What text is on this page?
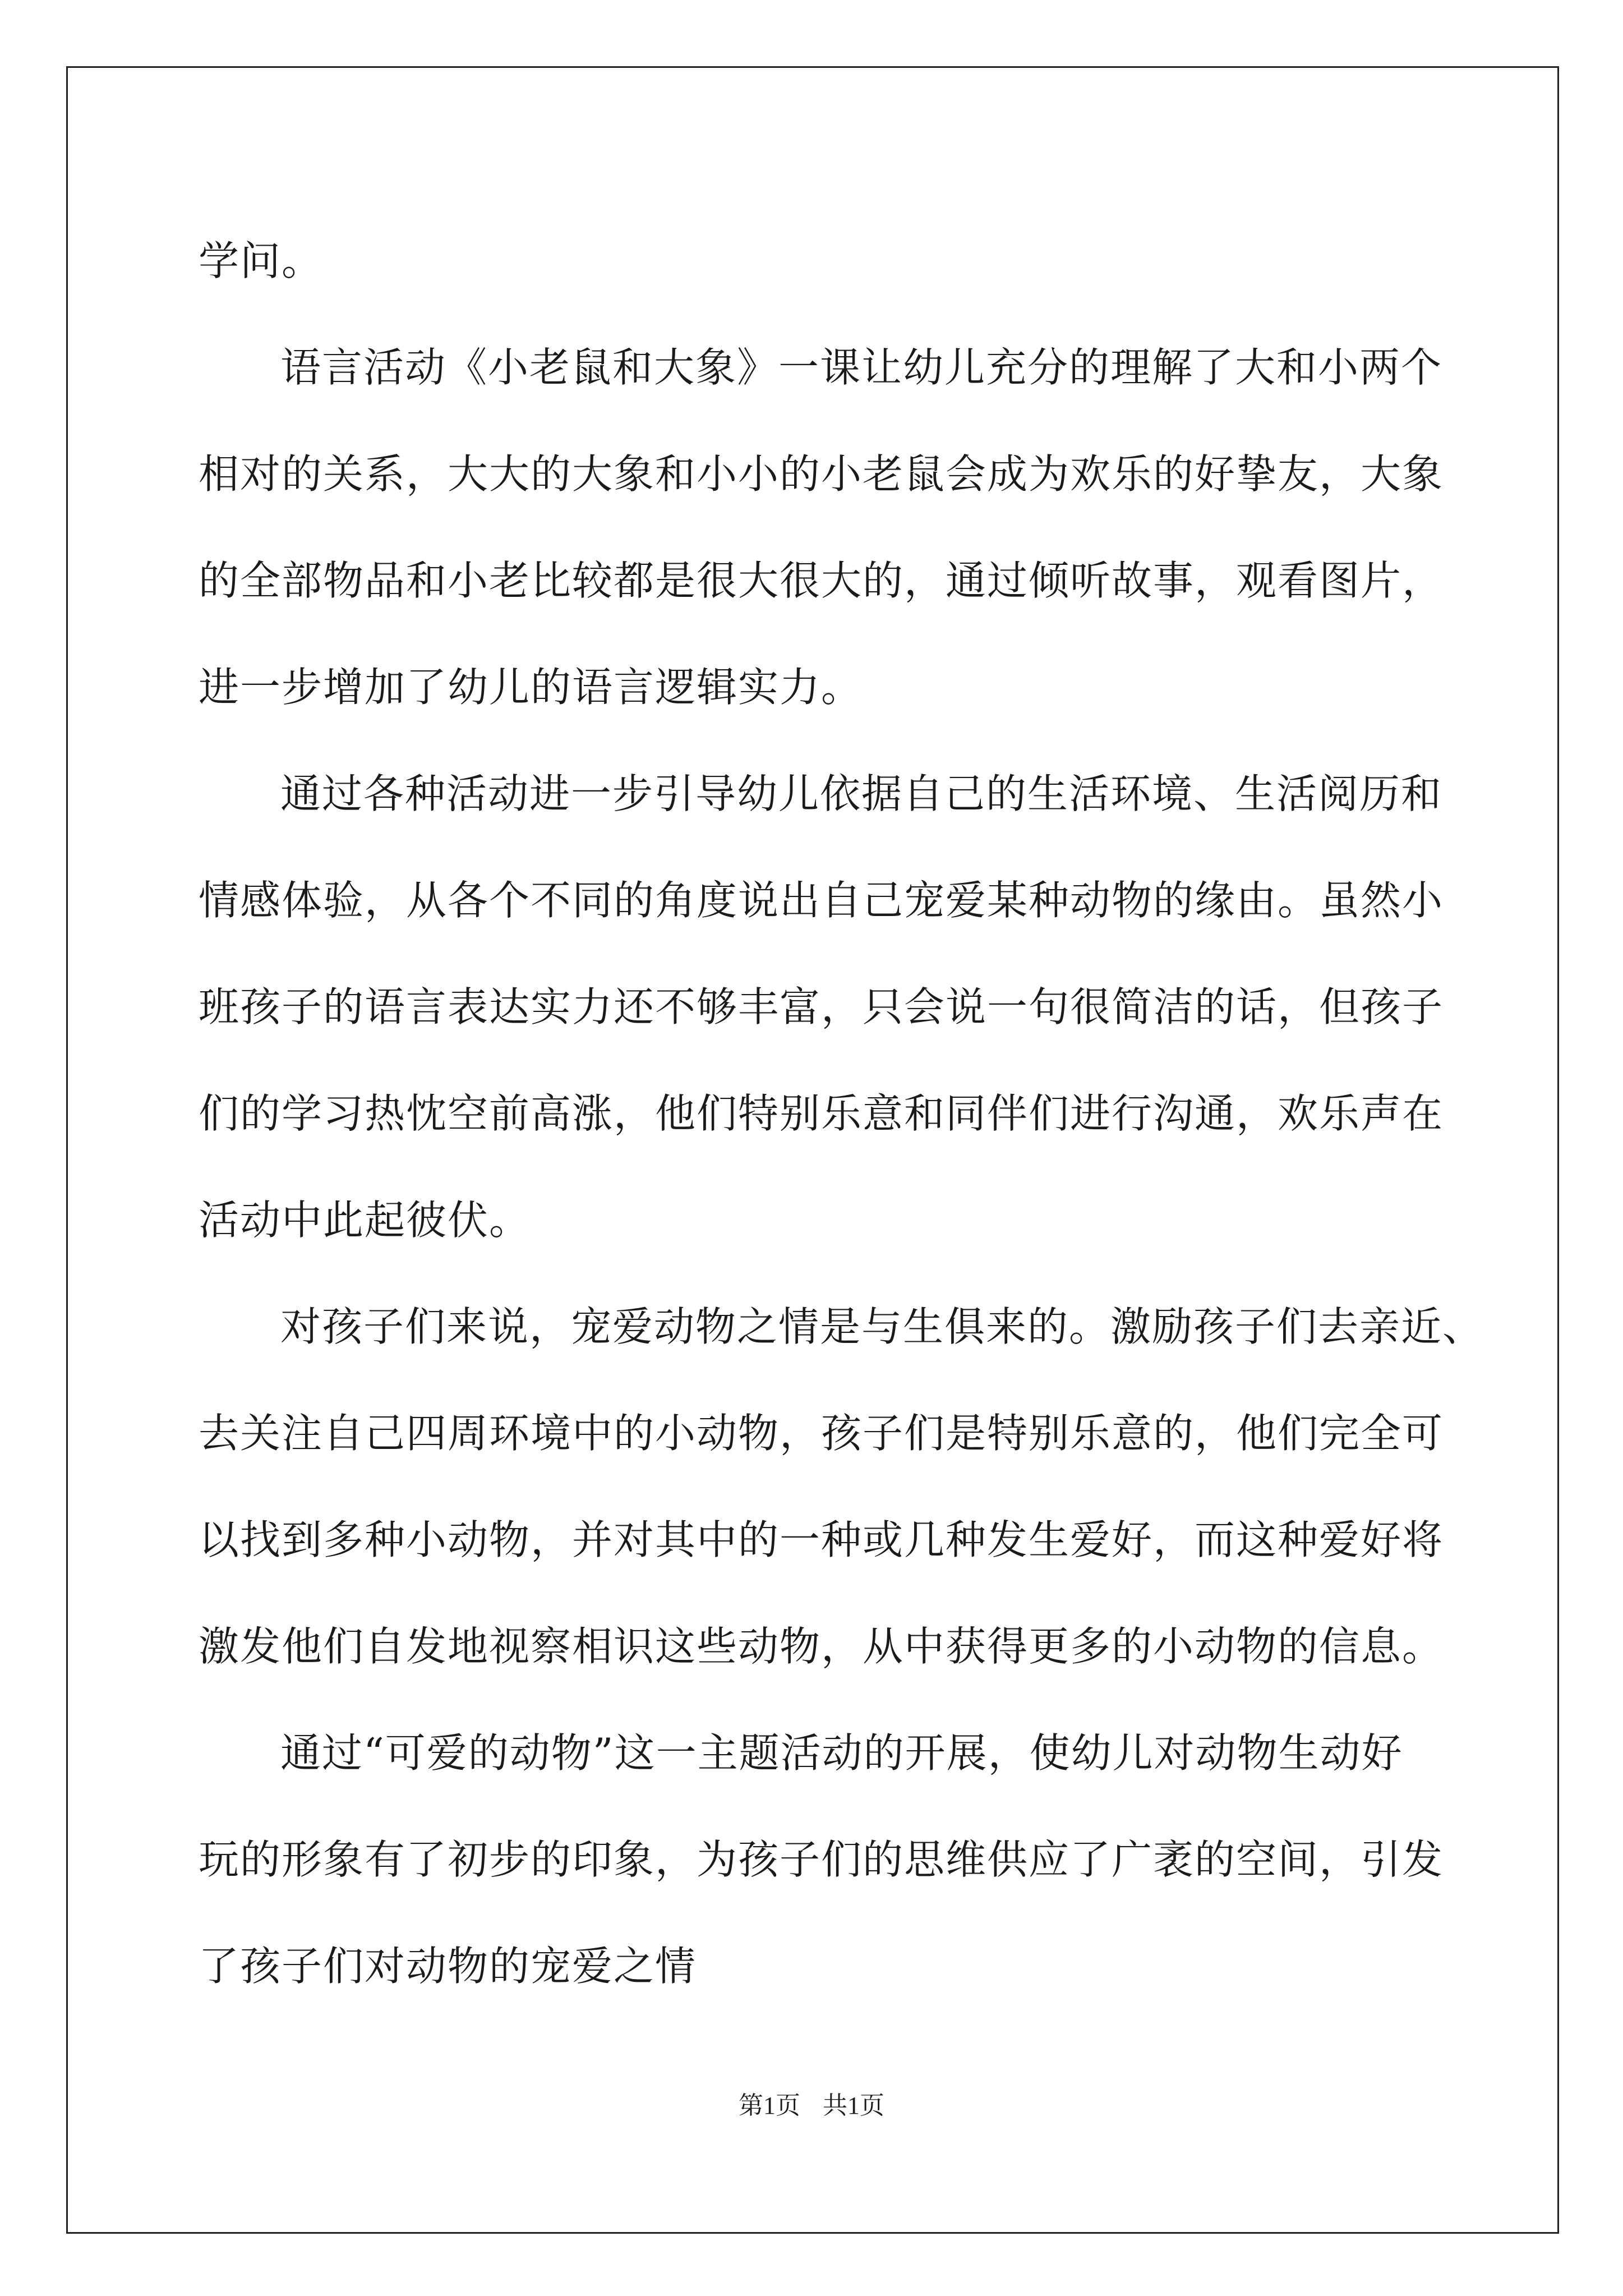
学问。
语言活动《小老鼠和大象》一课让幼儿充分的理解了大和小两个
相对的关系，大大的大象和小小的小老鼠会成为欢乐的好挚友，大象
的全部物品和小老比较都是很大很大的，通过倾听故事，观看图片，
进一步增加了幼儿的语言逻辑实力。
通过各种活动进一步引导幼儿依据自己的生活环境、生活阅历和
情感体验，从各个不同的角度说出自己宠爱某种动物的缘由。虽然小
班孩子的语言表达实力还不够丰富，只会说一句很简洁的话，但孩子
们的学习热忱空前高涨，他们特别乐意和同伴们进行沟通，欢乐声在
活动中此起彼伏。
对孩子们来说，宠爱动物之情是与生俱来的。激励孩子们去亲近、
去关注自己四周环境中的小动物，孩子们是特别乐意的，他们完全可
以找到多种小动物，并对其中的一种或几种发生爱好，而这种爱好将
激发他们自发地视察相识这些动物，从中获得更多的小动物的信息。
通过“可爱的动物”这一主题活动的开展，使幼儿对动物生动好
玩的形象有了初步的印象，为孩子们的思维供应了广袤的空间，引发
了孩子们对动物的宠爱之情
第1页 共1页
